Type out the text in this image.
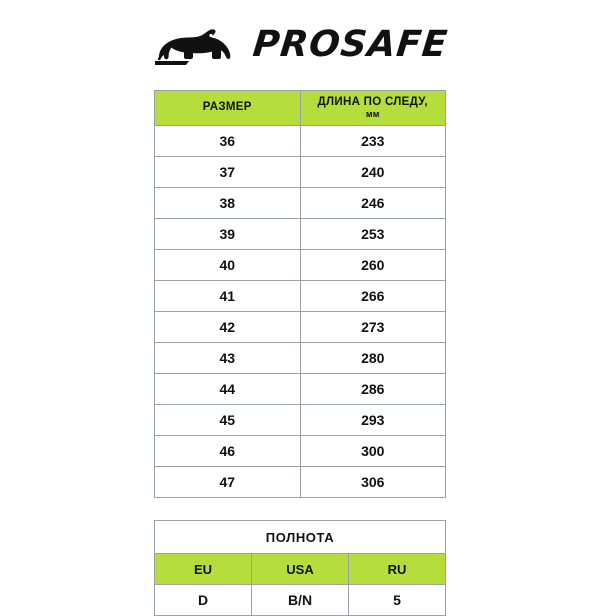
PROSAFE
РАЗМЕР	ДЛИНА ПО СЛЕДУ,
мм

36	233
37	240
38	246
39	253
40	260
41	266
42	273
43	280
44	286
45	293
46	300
47	306
ПОЛНОТА		
EU	USA	RU
D	B/N	5
